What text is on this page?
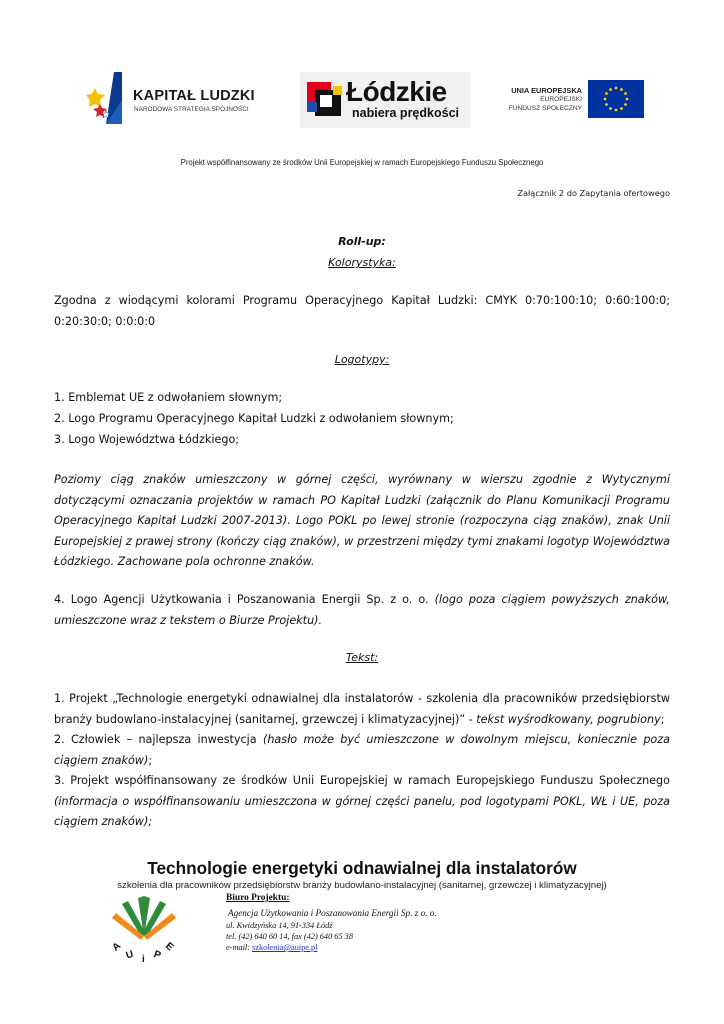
KAPITAŁ LUDZKI
NARODOWA STRATEGIA SPÓJNOŚCI
Łódzkie
nabiera prędkości
UNIA EUROPEJSKA
EUROPEJSKI
FUNDUSZ SPOŁECZNY
Projekt współfinansowany ze środków Unii Europejskiej w ramach Europejskiego Funduszu Społecznego
Załącznik 2 do Zapytania ofertowego
Roll-up:
Kolorystyka:
Zgodna z wiodącymi kolorami Programu Operacyjnego Kapitał Ludzki: CMYK 0:70:100:10; 0:60:100:0; 0:20:30:0; 0:0:0:0
Logotypy:
1. Emblemat UE z odwołaniem słownym;
2. Logo Programu Operacyjnego Kapitał Ludzki z odwołaniem słownym;
3. Logo Województwa Łódzkiego;
Poziomy ciąg znaków umieszczony w górnej części, wyrównany w wierszu zgodnie z Wytycznymi dotyczącymi oznaczania projektów w ramach PO Kapitał Ludzki (załącznik do Planu Komunikacji Programu Operacyjnego Kapitał Ludzki 2007-2013). Logo POKL po lewej stronie (rozpoczyna ciąg znaków), znak Unii Europejskiej z prawej strony (kończy ciąg znaków), w przestrzeni między tymi znakami logotyp Województwa Łódzkiego. Zachowane pola ochronne znaków.
4. Logo Agencji Użytkowania i Poszanowania Energii Sp. z o. o. (logo poza ciągiem powyższych znaków, umieszczone wraz z tekstem o Biurze Projektu).
Tekst:
1. Projekt „Technologie energetyki odnawialnej dla instalatorów - szkolenia dla pracowników przedsiębiorstw branży budowlano-instalacyjnej (sanitarnej, grzewczej i klimatyzacyjnej)” - tekst wyśrodkowany, pogrubiony;
2. Człowiek – najlepsza inwestycja (hasło może być umieszczone w dowolnym miejscu, koniecznie poza ciągiem znaków);
3. Projekt współfinansowany ze środków Unii Europejskiej w ramach Europejskiego Funduszu Społecznego (informacja o współfinansowaniu umieszczona w górnej części panelu, pod logotypami POKL, WŁ i UE, poza ciągiem znaków);
Technologie energetyki odnawialnej dla instalatorów
szkolenia dla pracowników przedsiębiorstw branży budowlano-instalacyjnej (sanitarnej, grzewczej i klimatyzacyjnej)
A
U i P
E
Biuro Projektu:
Agencja Użytkowania i Poszanowania Energii Sp. z o. o.
ul. Kwidzyńska 14, 91-334 Łódź
tel. (42) 640 60 14, fax (42) 640 65 38
e-mail: szkolenia@auipe.pl
